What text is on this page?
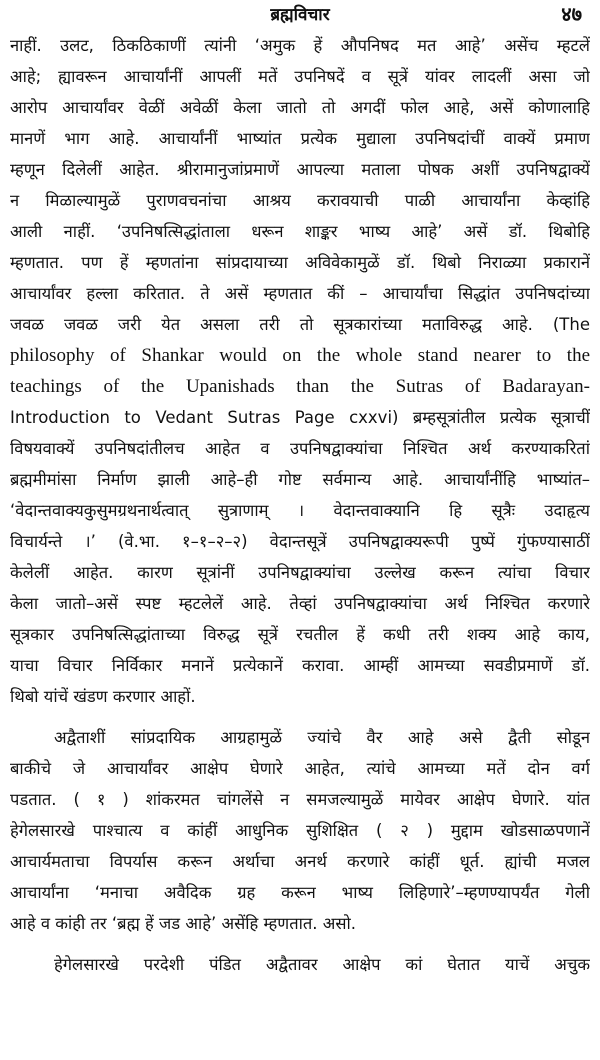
ब्रह्मविचार	४७
नाहीं. उलट, ठिकठिकाणीं त्यांनी ‘अमुक हें औपनिषद मत आहे’ असेंच म्हटलें
आहे; ह्यावरून आचार्यांनीं आपलीं मतें उपनिषदें व सूत्रें यांवर लादलीं असा जो
आरोप आचार्यांवर वेळीं अवेळीं केला जातो तो अगदीं फोल आहे, असें कोणालाहि
मानणें भाग आहे. आचार्यांनीं भाष्यांत प्रत्येक मुद्याला उपनिषदांचीं वाक्यें प्रमाण
म्हणून दिलेलीं आहेत. श्रीरामानुजांप्रमाणें आपल्या मताला पोषक अशीं उपनिषद्वाक्यें
न मिळाल्यामुळें पुराणवचनांचा आश्रय करावयाची पाळी आचार्यांना केव्हांहि
आली नाहीं. ‘उपनिषत्सिद्धांताला धरून शाङ्कर भाष्य आहे’ असें डॉ. थिबोहि
म्हणतात. पण हें म्हणतांना सांप्रदायाच्या अविवेकामुळें डॉ. थिबो निराळ्या प्रकारानें
आचार्यांवर हल्ला करितात. ते असें म्हणतात कीं – आचार्यांचा सिद्धांत उपनिषदांच्या
जवळ जवळ जरी येत असला तरी तो सूत्रकारांच्या मताविरुद्ध आहे. (The
philosophy of Shankar would on the whole stand nearer to the
teachings of the Upanishads than the Sutras of Badarayan-
Introduction to Vedant Sutras Page cxxvi) ब्रम्हसूत्रांतील प्रत्येक सूत्राचीं
विषयवाक्यें उपनिषदांतीलच आहेत व उपनिषद्वाक्यांचा निश्चित अर्थ करण्याकरितां
ब्रह्ममीमांसा निर्माण झाली आहे–ही गोष्ट सर्वमान्य आहे. आचार्यांनींहि भाष्यांत–
‘वेदान्तवाक्यकुसुमग्रथनार्थत्वात् सुत्राणाम् । वेदान्तवाक्यानि हि सूत्रैः उदाहृत्य
विचार्यन्ते ।’ (वे.भा. १–१–२–२) वेदान्तसूत्रें उपनिषद्वाक्यरूपी पुष्पें गुंफण्यासाठीं
केलेलीं आहेत. कारण सूत्रांनीं उपनिषद्वाक्यांचा उल्लेख करून त्यांचा विचार
केला जातो–असें स्पष्ट म्हटलेलें आहे. तेव्हां उपनिषद्वाक्यांचा अर्थ निश्चित करणारे
सूत्रकार उपनिषत्सिद्धांताच्या विरुद्ध सूत्रें रचतील हें कधी तरी शक्य आहे काय,
याचा विचार निर्विकार मनानें प्रत्येकानें करावा. आम्हीं आमच्या सवडीप्रमाणें डॉ.
थिबो यांचें खंडण करणार आहों.
अद्वैताशीं सांप्रदायिक आग्रहामुळें ज्यांचे वैर आहे असे द्वैती सोडून
बाकीचे जे आचार्यांवर आक्षेप घेणारे आहेत, त्यांचे आमच्या मतें दोन वर्ग
पडतात. ( १ ) शांकरमत चांगलेंसे न समजल्यामुळें मायेवर आक्षेप घेणारे. यांत
हेगेलसारखे पाश्चात्य व कांहीं आधुनिक सुशिक्षित ( २ ) मुद्दाम खोडसाळपणानें
आचार्यमताचा विपर्यास करून अर्थाचा अनर्थ करणारे कांहीं धूर्त. ह्यांची मजल
आचार्यांना ‘मनाचा अवैदिक ग्रह करून भाष्य लिहिणारे’–म्हणण्यापर्यंत गेली
आहे व कांही तर ‘ब्रह्म हें जड आहे’ असेंहि म्हणतात. असो.
हेगेलसारखे परदेशी पंडित अद्वैतावर आक्षेप कां घेतात याचें अचुक
